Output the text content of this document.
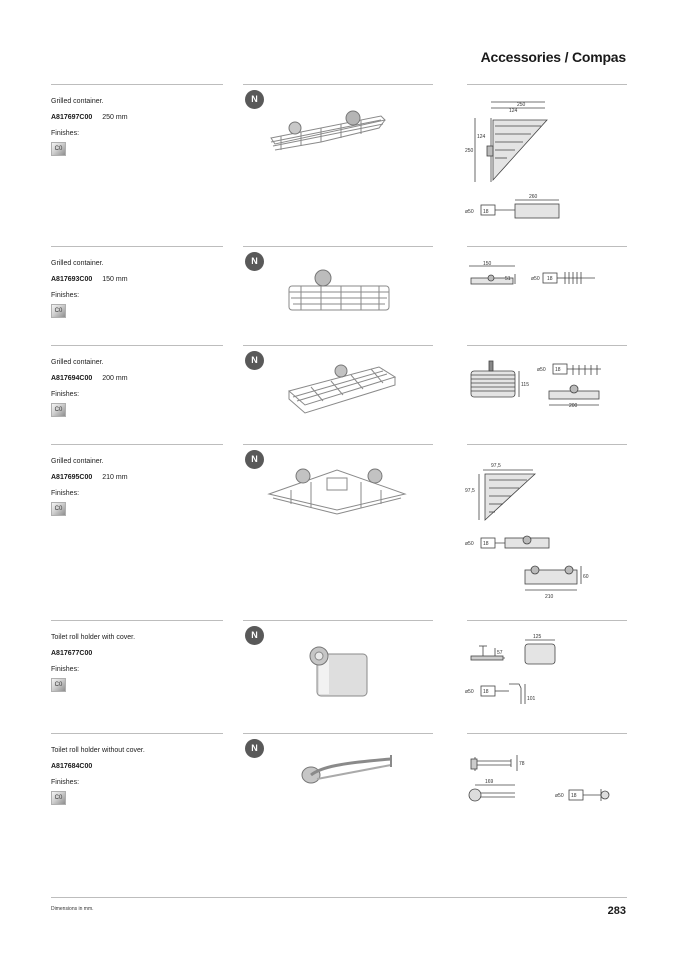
Accessories / Compas
Grilled container.
A817697C00 250 mm
Finishes:
C0
N
250
124
124
250
260
ø50 18
Grilled container.
A817693C00 150 mm
Finishes:
C0
N	150
51	ø50 18
Grilled container.
A817694C00 200 mm
Finishes:
C0
N
115
ø50 18
200
Grilled container.
A817695C00 210 mm
Finishes:
C0
N
97,5
97,5
ø50 18
60
210
Toilet roll holder with cover.
A817677C00
Finishes:
C0
N
57
125
ø50 18
101
Toilet roll holder without cover.
A817684C00
Finishes:
C0
N
78
169
ø50 18
Dimensions in mm.	283
